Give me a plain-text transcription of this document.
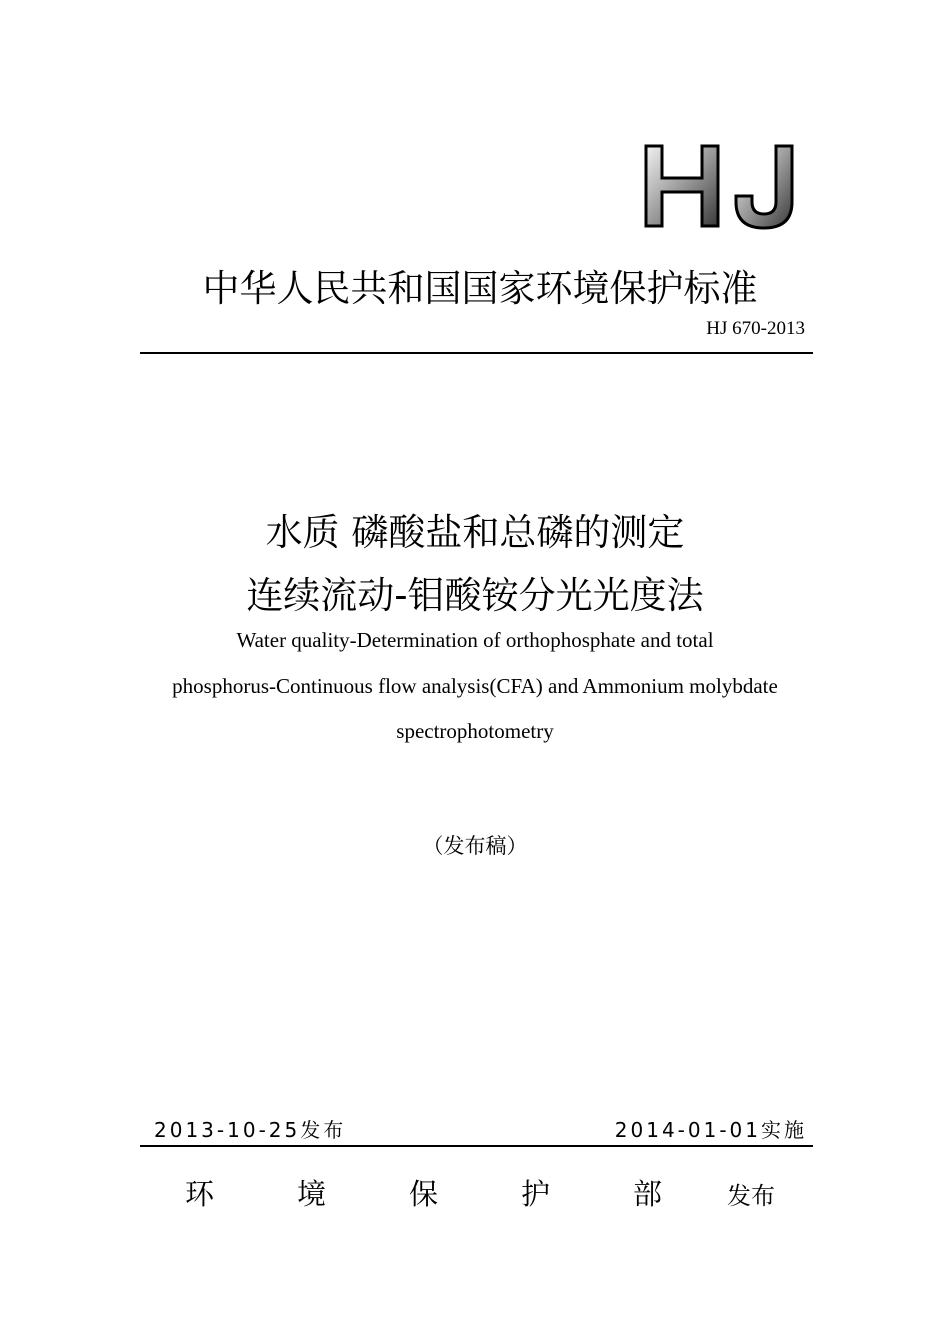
中华人民共和国国家环境保护标准
HJ 670-2013
水质 磷酸盐和总磷的测定
连续流动-钼酸铵分光光度法
Water quality-Determination of orthophosphate and total
phosphorus-Continuous flow analysis(CFA) and Ammonium molybdate
spectrophotometry
（发布稿）
2013-10-25发布	2014-01-01实施
环	境	保	护	部	发布
